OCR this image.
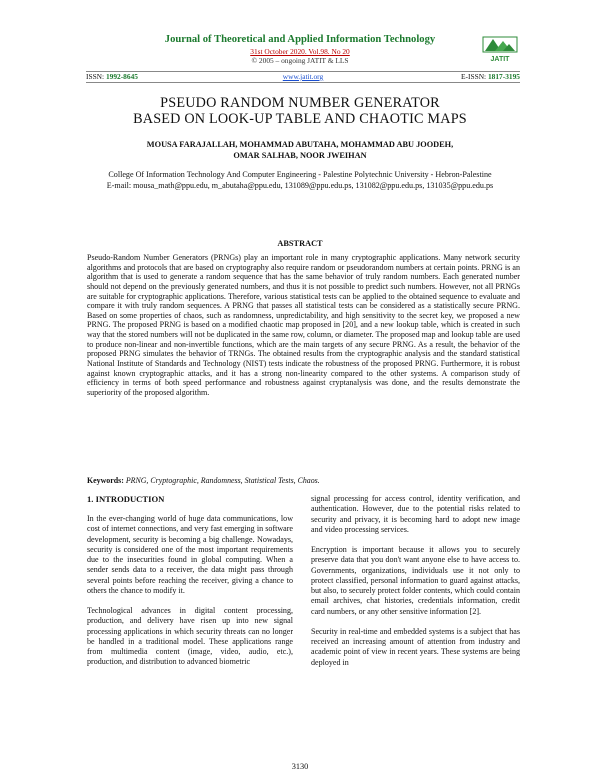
Journal of Theoretical and Applied Information Technology
31st October 2020. Vol.98. No 20
© 2005 – ongoing JATIT & LLS	JATIT
ISSN: 1992-8645	www.jatit.org	E-ISSN: 1817-3195
PSEUDO RANDOM NUMBER GENERATOR
BASED ON LOOK-UP TABLE AND CHAOTIC MAPS
MOUSA FARAJALLAH, MOHAMMAD ABUTAHA, MOHAMMAD ABU JOODEH,
OMAR SALHAB, NOOR JWEIHAN
College Of Information Technology And Computer Engineering - Palestine Polytechnic University - Hebron-Palestine
E-mail: mousa_math@ppu.edu, m_abutaha@ppu.edu, 131089@ppu.edu.ps, 131082@ppu.edu.ps, 131035@ppu.edu.ps
ABSTRACT
Pseudo-Random Number Generators (PRNGs) play an important role in many cryptographic applications. Many network security algorithms and protocols that are based on cryptography also require random or pseudorandom numbers at certain points. PRNG is an algorithm that is used to generate a random sequence that has the same behavior of truly random numbers. Each generated number should not depend on the previously generated numbers, and thus it is not possible to predict such numbers. However, not all PRNGs are suitable for cryptographic applications. Therefore, various statistical tests can be applied to the obtained sequence to evaluate and compare it with truly random sequences. A PRNG that passes all statistical tests can be considered as a statistically secure PRNG. Based on some properties of chaos, such as randomness, unpredictability, and high sensitivity to the secret key, we proposed a new PRNG. The proposed PRNG is based on a modified chaotic map proposed in [20], and a new lookup table, which is created in such way that the stored numbers will not be duplicated in the same row, column, or diameter. The proposed map and lookup table are used to produce non-linear and non-invertible functions, which are the main targets of any secure PRNG. As a result, the behavior of the proposed PRNG simulates the behavior of TRNGs. The obtained results from the cryptographic analysis and the standard statistical National Institute of Standards and Technology (NIST) tests indicate the robustness of the proposed PRNG. Furthermore, it is robust against known cryptographic attacks, and it has a strong non-linearity compared to the other systems. A comparison study of efficiency in terms of both speed performance and robustness against cryptanalysis was done, and the results demonstrate the superiority of the proposed algorithm.
Keywords: PRNG, Cryptographic, Randomness, Statistical Tests, Chaos.
1. INTRODUCTION

In the ever-changing world of huge data communications, low cost of internet connections, and very fast emerging in software development, security is becoming a big challenge. Nowadays, security is considered one of the most important requirements due to the insecurities found in global computing. When a sender sends data to a receiver, the data might pass through several points before reaching the receiver, giving a chance to others the chance to modify it.

Technological advances in digital content processing, production, and delivery have risen up into new signal processing applications in which security threats can no longer be handled in a traditional model. These applications range from multimedia content (image, video, audio, etc.), production, and distribution to advanced biometric

signal processing for access control, identity verification, and authentication. However, due to the potential risks related to security and privacy, it is becoming hard to adopt new image and video processing services.

Encryption is important because it allows you to securely preserve data that you don't want anyone else to have access to. Governments, organizations, individuals use it not only to protect classified, personal information to guard against attacks, but also, to securely protect folder contents, which could contain email archives, chat histories, credentials information, credit card numbers, or any other sensitive information [2].

Security in real-time and embedded systems is a subject that has received an increasing amount of attention from industry and academic point of view in recent years. These systems are being deployed in

3130
